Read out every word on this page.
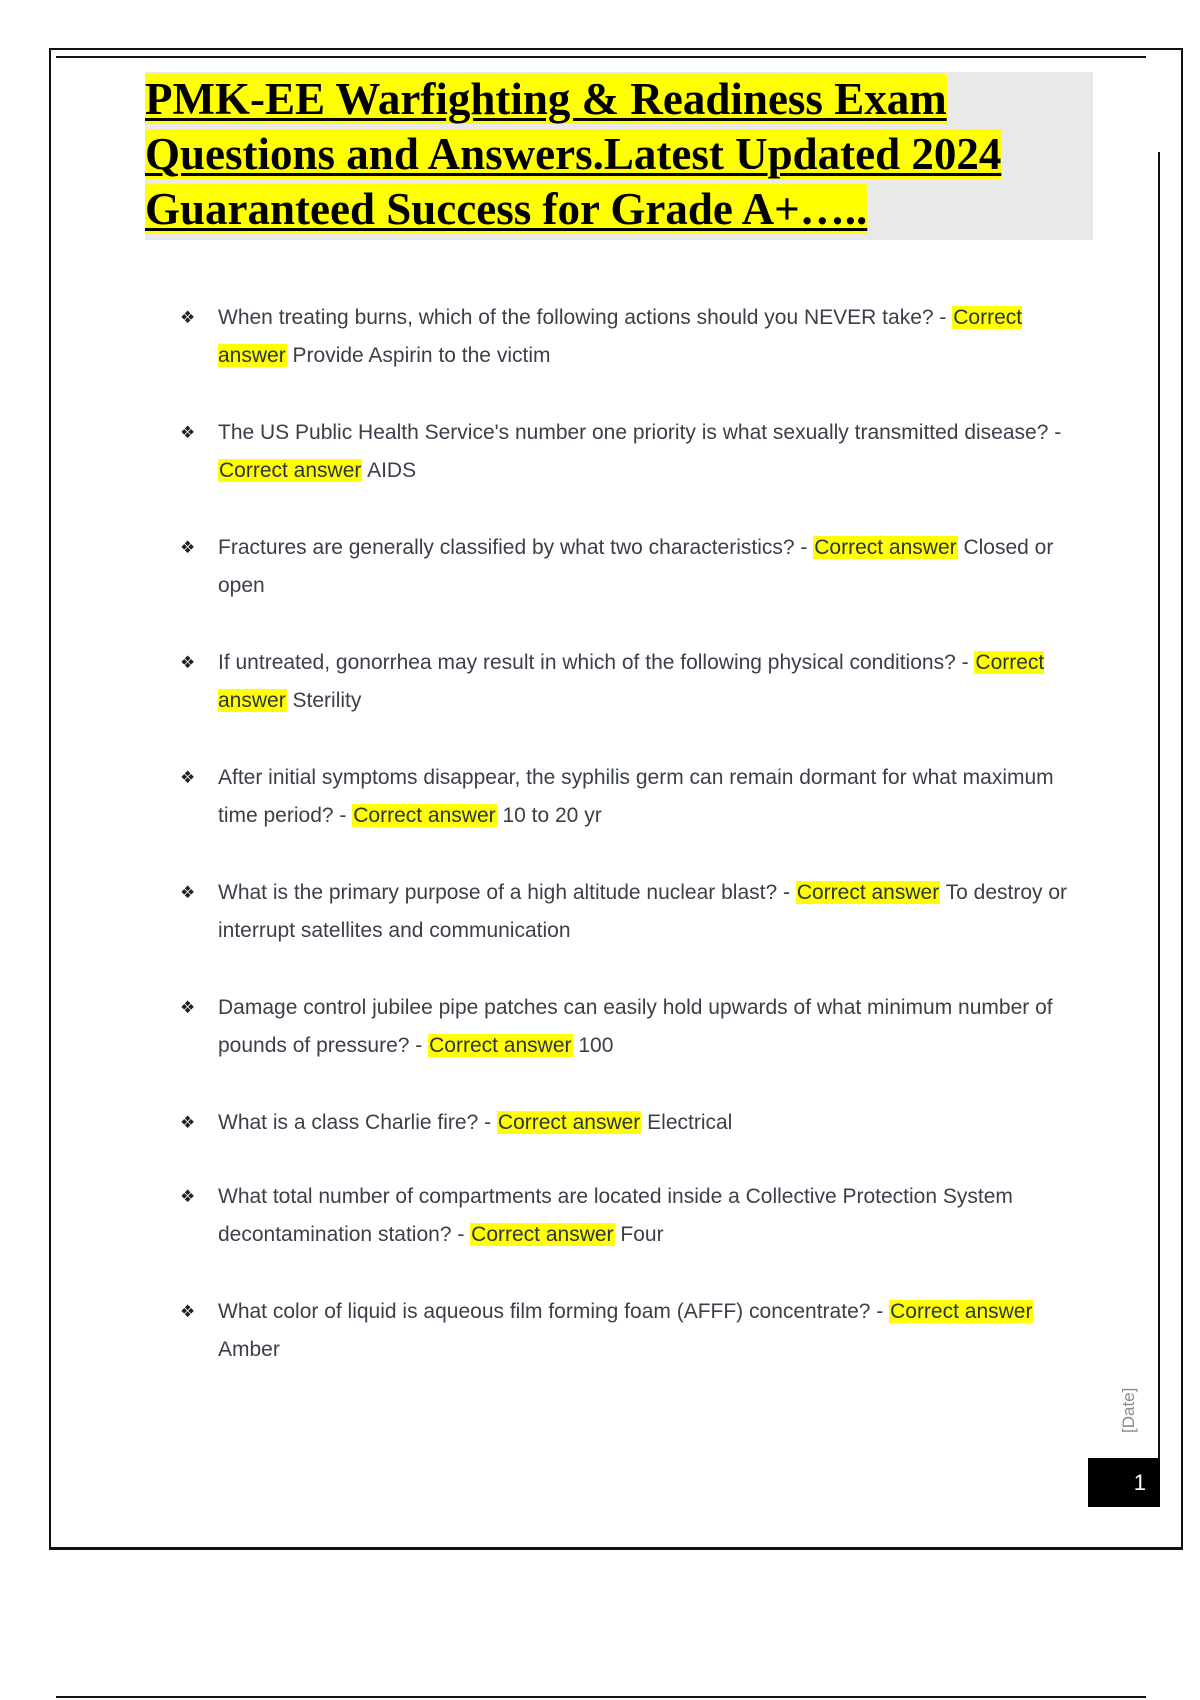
PMK-EE Warfighting & Readiness Exam Questions and Answers.Latest Updated 2024 Guaranteed Success for Grade A+…..
❖ When treating burns, which of the following actions should you NEVER take? - Correct answer Provide Aspirin to the victim
❖ The US Public Health Service's number one priority is what sexually transmitted disease? - Correct answer AIDS
❖ Fractures are generally classified by what two characteristics? - Correct answer Closed or open
❖ If untreated, gonorrhea may result in which of the following physical conditions? - Correct answer Sterility
❖ After initial symptoms disappear, the syphilis germ can remain dormant for what maximum time period? - Correct answer 10 to 20 yr
❖ What is the primary purpose of a high altitude nuclear blast? - Correct answer To destroy or interrupt satellites and communication
❖ Damage control jubilee pipe patches can easily hold upwards of what minimum number of pounds of pressure? - Correct answer 100
❖ What is a class Charlie fire? - Correct answer Electrical
❖ What total number of compartments are located inside a Collective Protection System decontamination station? - Correct answer Four
❖ What color of liquid is aqueous film forming foam (AFFF) concentrate? - Correct answer Amber
[Date]
1
